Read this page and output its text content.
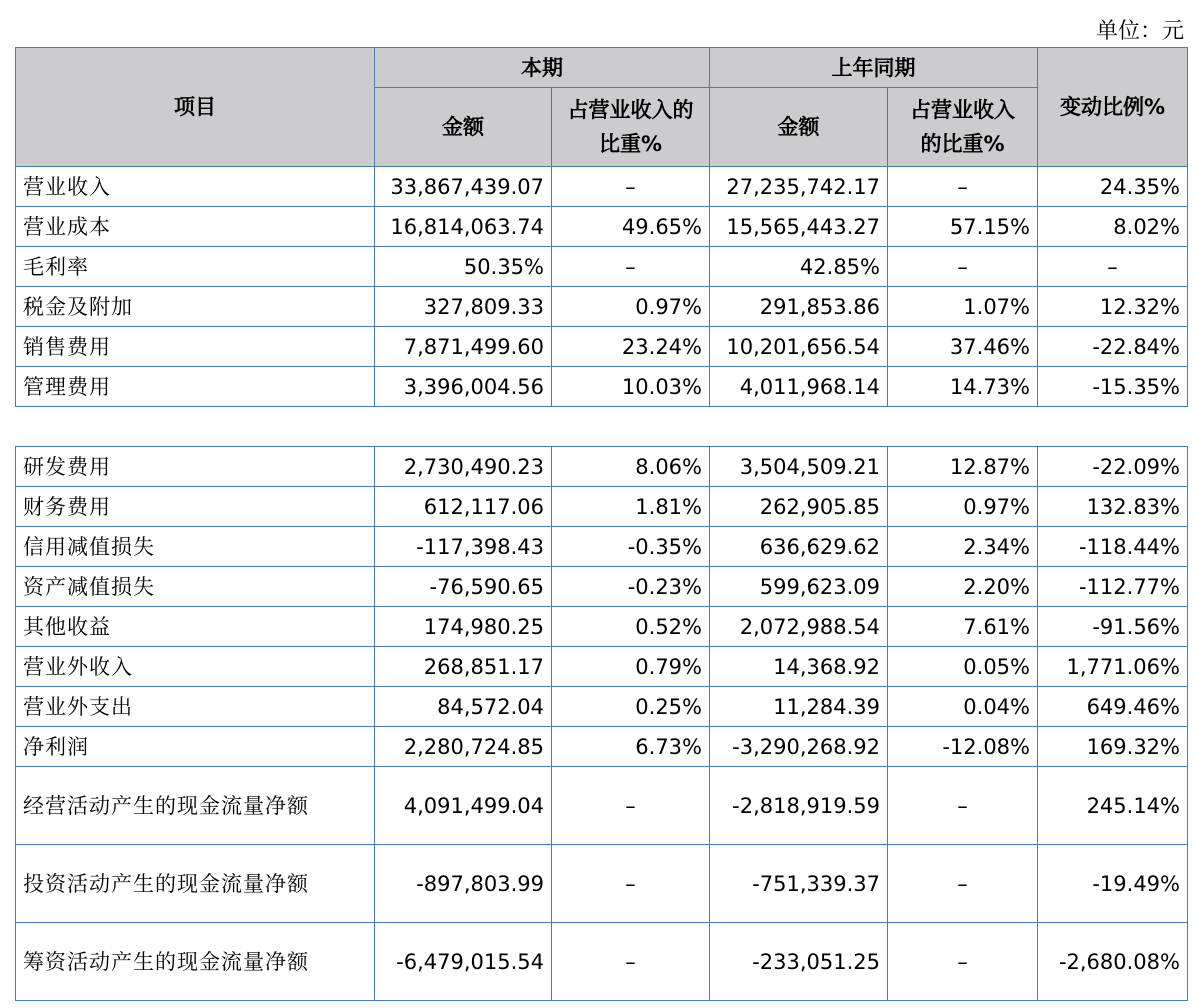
单位：元
项目	本期		上年同期		变动比例%
	金额	占营业收入的比重%	金额	占营业收入的比重%	
营业收入	33,867,439.07	–	27,235,742.17	–	24.35%
营业成本	16,814,063.74	49.65%	15,565,443.27	57.15%	8.02%
毛利率	50.35%	–	42.85%	–	–
税金及附加	327,809.33	0.97%	291,853.86	1.07%	12.32%
销售费用	7,871,499.60	23.24%	10,201,656.54	37.46%	-22.84%
管理费用	3,396,004.56	10.03%	4,011,968.14	14.73%	-15.35%
研发费用	2,730,490.23	8.06%	3,504,509.21	12.87%	-22.09%
财务费用	612,117.06	1.81%	262,905.85	0.97%	132.83%
信用减值损失	-117,398.43	-0.35%	636,629.62	2.34%	-118.44%
资产减值损失	-76,590.65	-0.23%	599,623.09	2.20%	-112.77%
其他收益	174,980.25	0.52%	2,072,988.54	7.61%	-91.56%
营业外收入	268,851.17	0.79%	14,368.92	0.05%	1,771.06%
营业外支出	84,572.04	0.25%	11,284.39	0.04%	649.46%
净利润	2,280,724.85	6.73%	-3,290,268.92	-12.08%	169.32%
经营活动产生的现金流量净额	4,091,499.04	–	-2,818,919.59	–	245.14%
投资活动产生的现金流量净额	-897,803.99	–	-751,339.37	–	-19.49%
筹资活动产生的现金流量净额	-6,479,015.54	–	-233,051.25	–	-2,680.08%
